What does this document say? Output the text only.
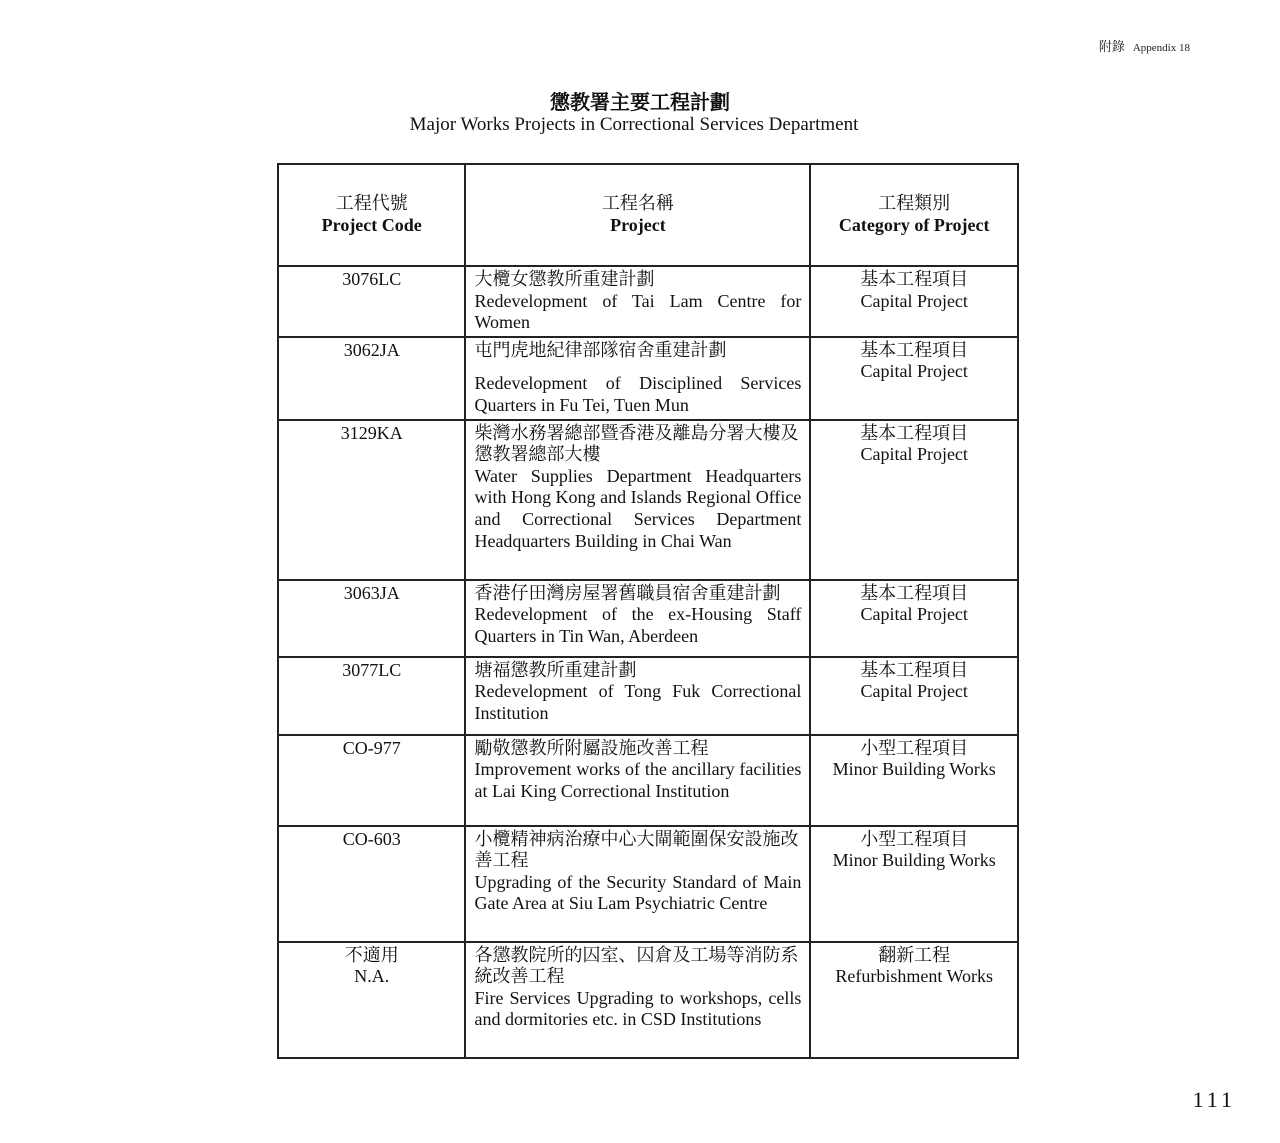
附錄 Appendix 18
懲教署主要工程計劃
Major Works Projects in Correctional Services Department
工程代號
Project Code	工程名稱
Project	工程類別
Category of Project

3076LC	大欖女懲教所重建計劃
Redevelopment of Tai Lam Centre for Women	基本工程項目
Capital Project

3062JA	屯門虎地紀律部隊宿舍重建計劃
Redevelopment of Disciplined Services Quarters in Fu Tei, Tuen Mun	基本工程項目
Capital Project

3129KA	柴灣水務署總部暨香港及離島分署大樓及懲教署總部大樓
Water Supplies Department Headquarters with Hong Kong and Islands Regional Office and Correctional Services Department Headquarters Building in Chai Wan	基本工程項目
Capital Project

3063JA	香港仔田灣房屋署舊職員宿舍重建計劃
Redevelopment of the ex-Housing Staff Quarters in Tin Wan, Aberdeen	基本工程項目
Capital Project

3077LC	塘福懲教所重建計劃
Redevelopment of Tong Fuk Correctional Institution	基本工程項目
Capital Project

CO-977	勵敬懲教所附屬設施改善工程
Improvement works of the ancillary facilities at Lai King Correctional Institution	小型工程項目
Minor Building Works

CO-603	小欖精神病治療中心大閘範圍保安設施改善工程
Upgrading of the Security Standard of Main Gate Area at Siu Lam Psychiatric Centre	小型工程項目
Minor Building Works

不適用
N.A.	各懲教院所的囚室、囚倉及工場等消防系統改善工程
Fire Services Upgrading to workshops, cells and dormitories etc. in CSD Institutions	翻新工程
Refurbishment Works
111
